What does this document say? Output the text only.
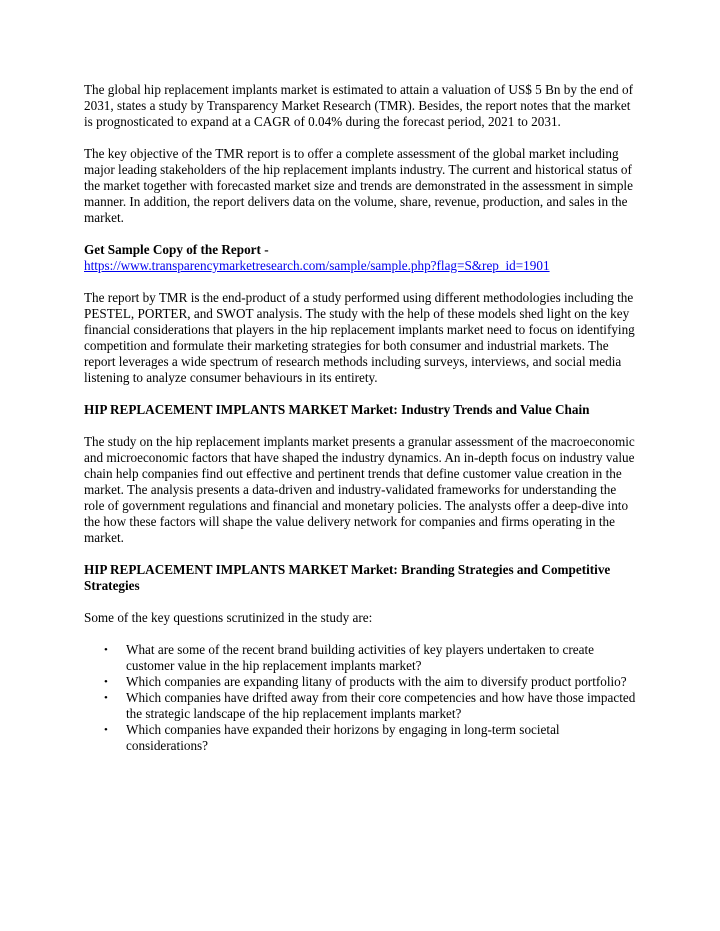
The global hip replacement implants market is estimated to attain a valuation of US$ 5 Bn by the end of 2031, states a study by Transparency Market Research (TMR). Besides, the report notes that the market is prognosticated to expand at a CAGR of 0.04% during the forecast period, 2021 to 2031.

The key objective of the TMR report is to offer a complete assessment of the global market including major leading stakeholders of the hip replacement implants industry. The current and historical status of the market together with forecasted market size and trends are demonstrated in the assessment in simple manner. In addition, the report delivers data on the volume, share, revenue, production, and sales in the market.

Get Sample Copy of the Report -
https://www.transparencymarketresearch.com/sample/sample.php?flag=S&rep_id=1901

The report by TMR is the end-product of a study performed using different methodologies including the PESTEL, PORTER, and SWOT analysis. The study with the help of these models shed light on the key financial considerations that players in the hip replacement implants market need to focus on identifying competition and formulate their marketing strategies for both consumer and industrial markets. The report leverages a wide spectrum of research methods including surveys, interviews, and social media listening to analyze consumer behaviours in its entirety.

HIP REPLACEMENT IMPLANTS MARKET Market: Industry Trends and Value Chain

The study on the hip replacement implants market presents a granular assessment of the macroeconomic and microeconomic factors that have shaped the industry dynamics. An in-depth focus on industry value chain help companies find out effective and pertinent trends that define customer value creation in the market. The analysis presents a data-driven and industry-validated frameworks for understanding the role of government regulations and financial and monetary policies. The analysts offer a deep-dive into the how these factors will shape the value delivery network for companies and firms operating in the market.

HIP REPLACEMENT IMPLANTS MARKET Market: Branding Strategies and Competitive Strategies

Some of the key questions scrutinized in the study are:

• What are some of the recent brand building activities of key players undertaken to create customer value in the hip replacement implants market?
• Which companies are expanding litany of products with the aim to diversify product portfolio?
• Which companies have drifted away from their core competencies and how have those impacted the strategic landscape of the hip replacement implants market?
• Which companies have expanded their horizons by engaging in long-term societal considerations?
